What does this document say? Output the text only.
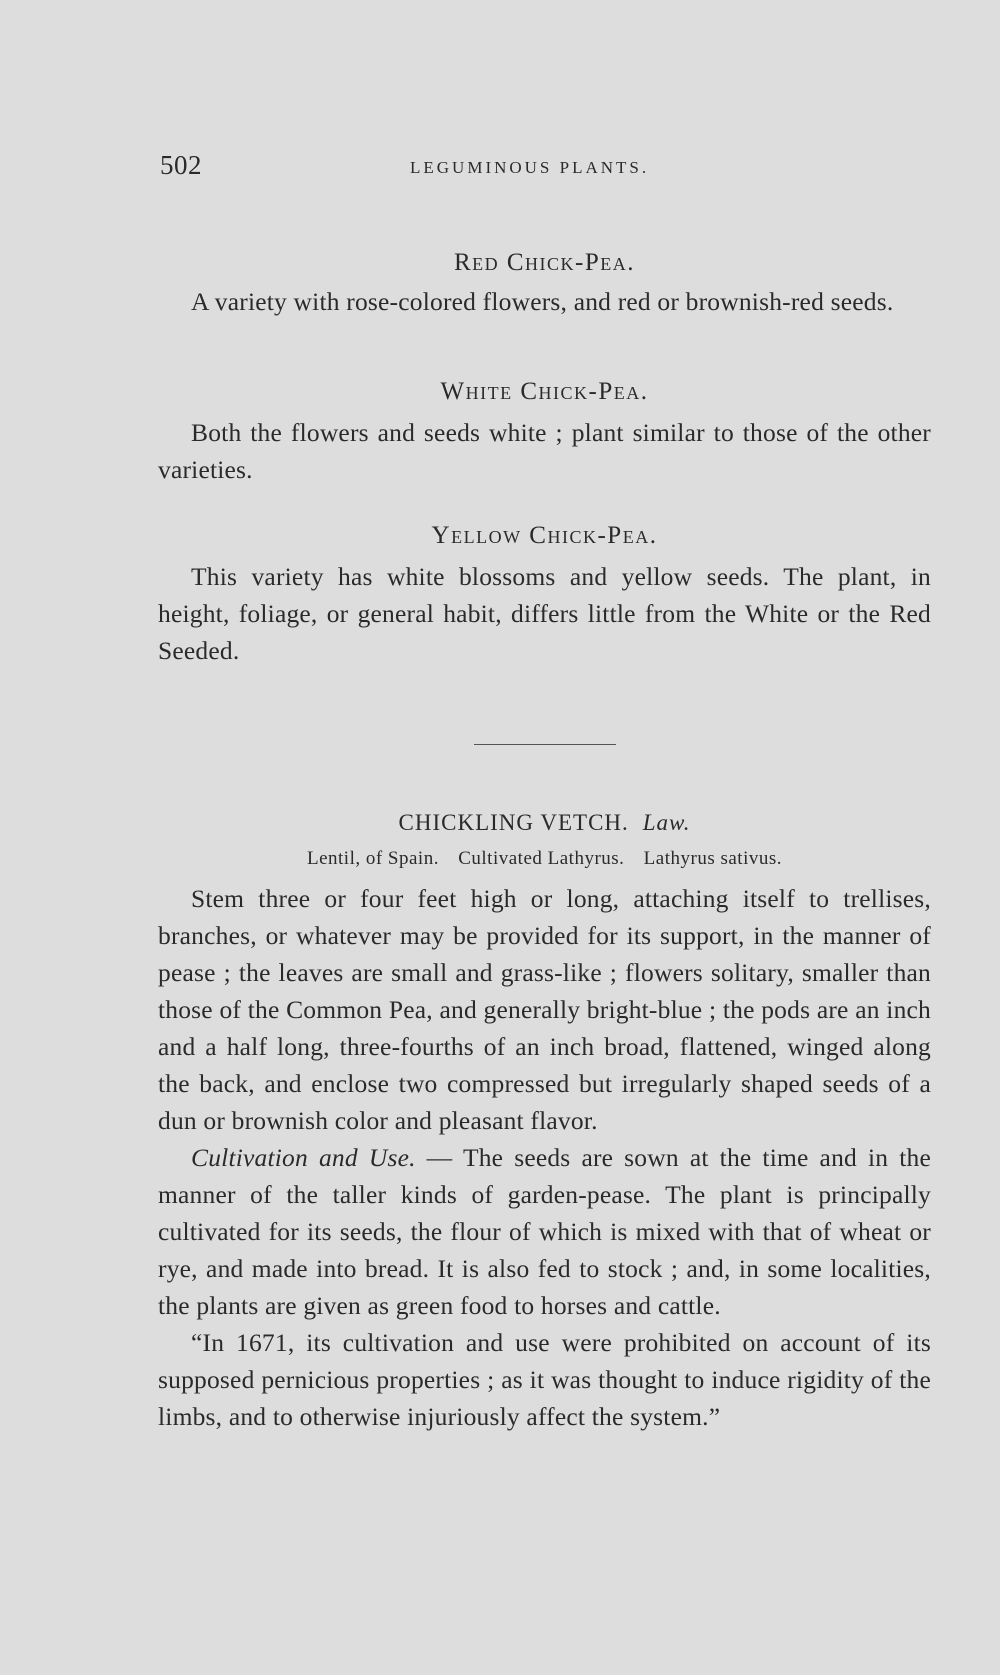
502	LEGUMINOUS PLANTS.
Red Chick-Pea.

A variety with rose-colored flowers, and red or brownish-red seeds.

White Chick-Pea.

Both the flowers and seeds white ; plant similar to those of the other varieties.

Yellow Chick-Pea.

This variety has white blossoms and yellow seeds. The plant, in height, foliage, or general habit, differs little from the White or the Red Seeded.

CHICKLING VETCH. Law.

Lentil, of Spain. Cultivated Lathyrus. Lathyrus sativus.

Stem three or four feet high or long, attaching itself to trellises, branches, or whatever may be provided for its support, in the manner of pease ; the leaves are small and grass-like ; flowers solitary, smaller than those of the Common Pea, and generally bright-blue ; the pods are an inch and a half long, three-fourths of an inch broad, flattened, winged along the back, and enclose two compressed but irregularly shaped seeds of a dun or brownish color and pleasant flavor.

Cultivation and Use. — The seeds are sown at the time and in the manner of the taller kinds of garden-pease. The plant is principally cultivated for its seeds, the flour of which is mixed with that of wheat or rye, and made into bread. It is also fed to stock ; and, in some localities, the plants are given as green food to horses and cattle.

“In 1671, its cultivation and use were prohibited on account of its supposed pernicious properties ; as it was thought to induce rigidity of the limbs, and to otherwise injuriously affect the system.”
